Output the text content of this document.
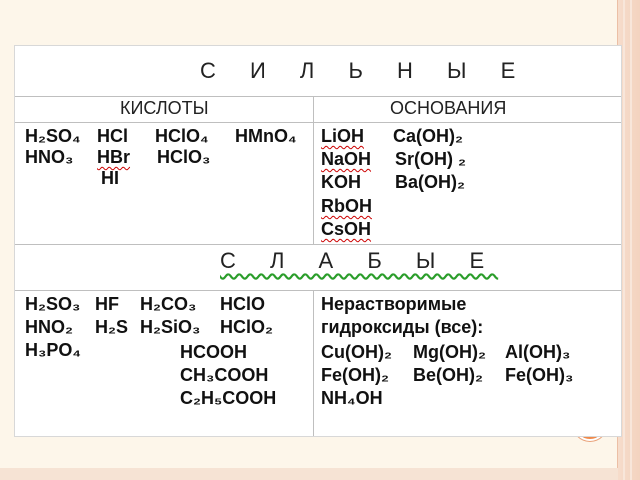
С И Л Ь Н Ы Е
КИСЛОТЫ	ОСНОВАНИЯ
H₂SO₄ HCl HClO₄ HMnO₄
HNO₃ HBr HClO₃
HI
LiOH Ca(OH)₂
NaOH Sr(OH) ₂
KOH Ba(OH)₂
RbOH
CsOH
С Л А Б Ы Е
H₂SO₃ HF H₂CO₃ HClO
HNO₂ H₂S H₂SiO₃ HClO₂
H₃PO₄	HCOOH
CH₃COOH
C₂H₅COOH
Нерастворимые
гидроксиды (все):
Cu(OH)₂ Mg(OH)₂ Al(OH)₃
Fe(OH)₂ Be(OH)₂ Fe(OH)₃
NH₄OH
